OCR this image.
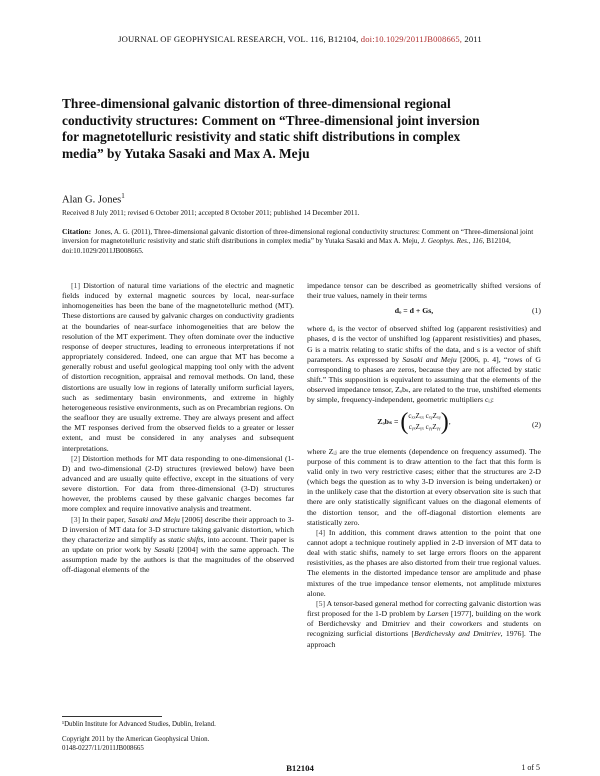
JOURNAL OF GEOPHYSICAL RESEARCH, VOL. 116, B12104, doi:10.1029/2011JB008665, 2011
Three-dimensional galvanic distortion of three-dimensional regional conductivity structures: Comment on “Three-dimensional joint inversion for magnetotelluric resistivity and static shift distributions in complex media” by Yutaka Sasaki and Max A. Meju
Alan G. Jones$^1$
Received 8 July 2011; revised 6 October 2011; accepted 8 October 2011; published 14 December 2011.
Citation: Jones, A. G. (2011), Three-dimensional galvanic distortion of three-dimensional regional conductivity structures: Comment on “Three-dimensional joint inversion for magnetotelluric resistivity and static shift distributions in complex media” by Yutaka Sasaki and Max A. Meju, J. Geophys. Res., 116, B12104, doi:10.1029/2011JB008665.

[1] Distortion of natural time variations of the electric and magnetic fields induced by external magnetic sources by local, near-surface inhomogeneities has been the bane of the magnetotelluric method (MT). These distortions are caused by galvanic charges on conductivity gradients at the boundaries of near-surface inhomogeneities that are below the resolution of the MT experiment. They often dominate over the inductive response of deeper structures, leading to erroneous interpretations if not appropriately considered. Indeed, one can argue that MT has become a generally robust and useful geological mapping tool only with the advent of distortion recognition, appraisal and removal methods. On land, these distortions are usually low in regions of laterally uniform surficial layers, such as sedimentary basin environments, and extreme in highly heterogeneous resistive environments, such as on Precambrian regions. On the seafloor they are usually extreme. They are always present and affect the MT responses derived from the observed fields to a greater or lesser extent, and must be considered in any analyses and subsequent interpretations.

[2] Distortion methods for MT data responding to one-dimensional (1-D) and two-dimensional (2-D) structures (reviewed below) have been advanced and are usually quite effective, except in the situations of very severe distortion. For data from three-dimensional (3-D) structures however, the problems caused by these galvanic charges becomes far more complex and require innovative analysis and treatment.

[3] In their paper, Sasaki and Meju [2006] describe their approach to 3-D inversion of MT data for 3-D structure taking galvanic distortion, which they characterize and simplify as static shifts, into account. Their paper is an update on prior work by Sasaki [2004] with the same approach. The assumption made by the authors is that the magnitudes of the observed off-diagonal elements of the

impedance tensor can be described as geometrically shifted versions of their true values, namely in their terms

dₒ = d + Gs,	(1)

where dₒ is the vector of observed shifted log (apparent resistivities) and phases, d is the vector of unshifted log (apparent resistivities) and phases, G is a matrix relating to static shifts of the data, and s is a vector of shift parameters. As expressed by Sasaki and Meju [2006, p. 4], “rows of G corresponding to phases are zeros, because they are not affected by static shift.” This supposition is equivalent to assuming that the elements of the observed impedance tensor, Zₒbₛ, are related to the true, unshifted elements by simple, frequency-independent, geometric multipliers cᵢⱼ:

Zₒbₛ = (cₓₓZₓₓ cₓᵧZₓᵧ
cᵧₓZᵧₓ cᵧᵧZᵧᵧ),	(2)

where Zᵢⱼ are the true elements (dependence on frequency assumed). The purpose of this comment is to draw attention to the fact that this form is valid only in two very restrictive cases; either that the structures are 2-D (which begs the question as to why 3-D inversion is being undertaken) or in the unlikely case that the distortion at every observation site is such that there are only statistically significant values on the diagonal elements of the distortion tensor, and the off-diagonal distortion elements are statistically zero.

[4] In addition, this comment draws attention to the point that one cannot adopt a technique routinely applied in 2-D inversion of MT data to deal with static shifts, namely to set large errors floors on the apparent resistivities, as the phases are also distorted from their true regional values. The elements in the distorted impedance tensor are amplitude and phase mixtures of the true impedance tensor elements, not amplitude mixtures alone.

[5] A tensor-based general method for correcting galvanic distortion was first proposed for the 1-D problem by Larsen [1977], building on the work of Berdichevsky and Dmitriev and their coworkers and students on recognizing surficial distortions [Berdichevsky and Dmitriev, 1976]. The approach

¹Dublin Institute for Advanced Studies, Dublin, Ireland.
Copyright 2011 by the American Geophysical Union.
0148-0227/11/2011JB008665
B12104	1 of 5
